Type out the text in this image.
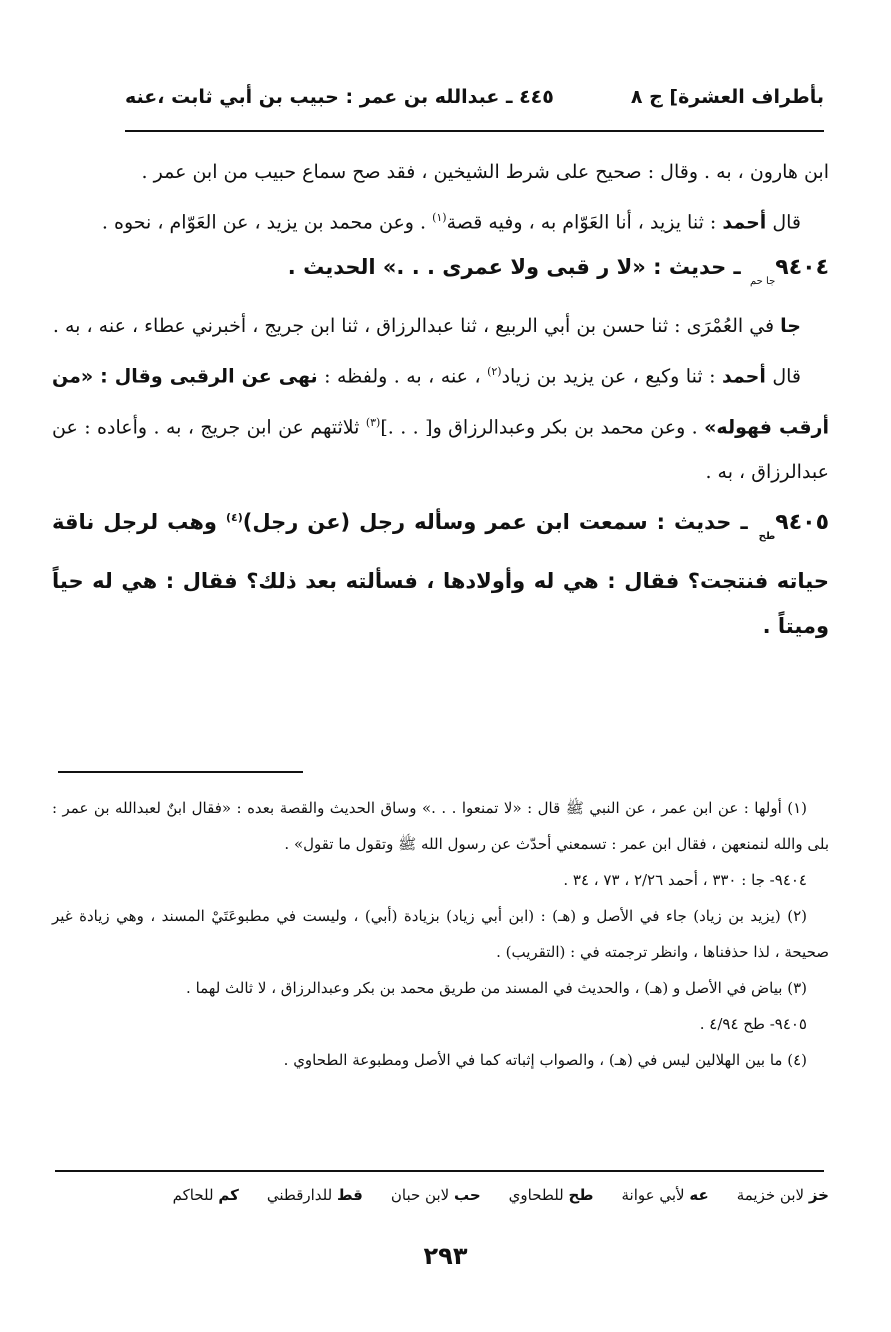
بأطراف العشرة] ج ٨
٤٤٥ ـ عبدالله بن عمر : حبيب بن أبي ثابت ،عنه

ابن هارون ، به . وقال : صحيح على شرط الشيخين ، فقد صح سماع حبيب من ابن عمر .

قال أحمد : ثنا يزيد ، أنا العَوّام به ، وفيه قصة$^{(١)}$ . وعن محمد بن يزيد ، عن العَوّام ، نحوه .

$٩٤٠٤_{جا حم}$ ـ حديث : «لا ر قبى ولا عمرى . . .» الحديث .

جا في العُمْرَى : ثنا حسن بن أبي الربيع ، ثنا عبدالرزاق ، ثنا ابن جريج ، أخبرني عطاء ، عنه ، به .

قال أحمد : ثنا وكيع ، عن يزيد بن زياد$^{(٢)}$ ، عنه ، به . ولفظه : نهى عن الرقبى وقال : «من أرقب فهوله» . وعن محمد بن بكر وعبدالرزاق و[ . . .]$^{(٣)}$ ثلاثتهم عن ابن جريج ، به . وأعاده : عن عبدالرزاق ، به .

$٩٤٠٥_{طح}$ ـ حديث : سمعت ابن عمر وسأله رجل (عن رجل)$^{(٤)}$ وهب لرجل ناقة حياته فنتجت؟ فقال : هي له وأولادها ، فسألته بعد ذلك؟ فقال : هي له حياً وميتاً .

(١) أولها : عن ابن عمر ، عن النبي ﷺ قال : «لا تمنعوا . . .» وساق الحديث والقصة بعده : «فقال ابنٌ لعبدالله بن عمر : بلى والله لنمنعهن ، فقال ابن عمر : تسمعني أحدّث عن رسول الله ﷺ وتقول ما تقول» .

٩٤٠٤- جا : ٣٣٠ ، أحمد ٢/٢٦ ، ٧٣ ، ٣٤ .

(٢) (يزيد بن زياد) جاء في الأصل و (هـ) : (ابن أبي زياد) بزيادة (أبي) ، وليست في مطبوعَتَيْ المسند ، وهي زيادة غير صحيحة ، لذا حذفناها ، وانظر ترجمته في : (التقريب) .

(٣) بياض في الأصل و (هـ) ، والحديث في المسند من طريق محمد بن بكر وعبدالرزاق ، لا ثالث لهما .

٩٤٠٥- طح ٤/٩٤ .

(٤) ما بين الهلالين ليس في (هـ) ، والصواب إثباته كما في الأصل ومطبوعة الطحاوي .

خز لابن خزيمة
عه لأبي عوانة
طح للطحاوي
حب لابن حبان
قط للدارقطني
كم للحاكم
٢٩٣
